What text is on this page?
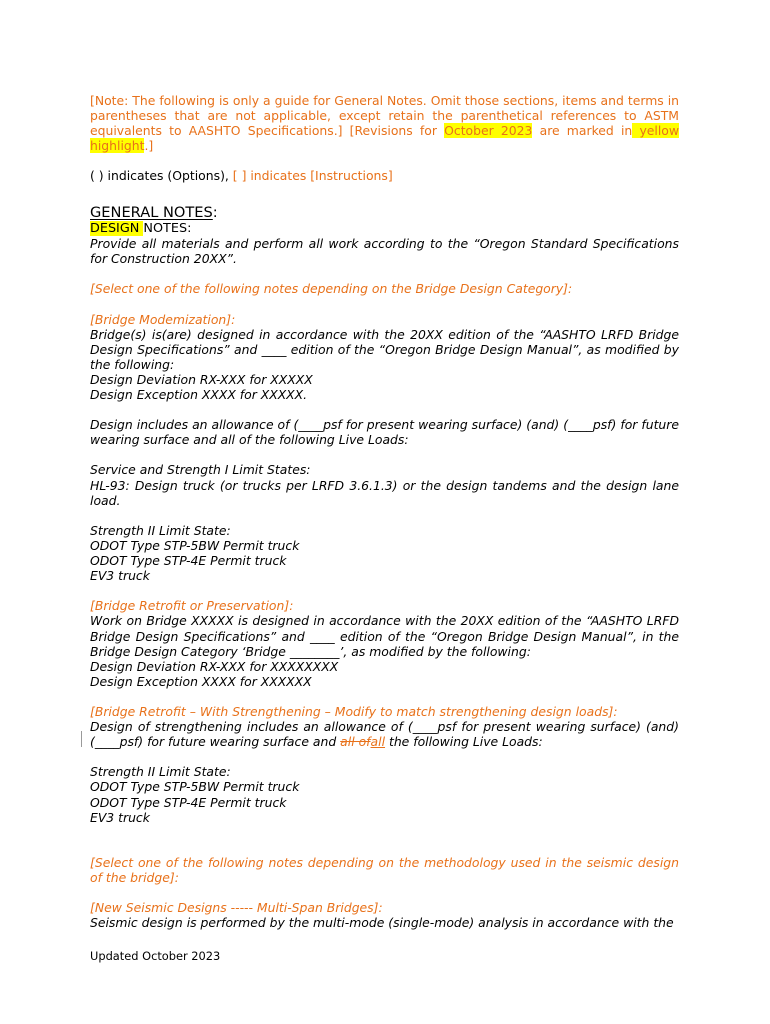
[Note: The following is only a guide for General Notes. Omit those sections, items and terms in parentheses that are not applicable, except retain the parenthetical references to ASTM equivalents to AASHTO Specifications.] [Revisions for October 2023 are marked in yellow highlight.]

( ) indicates (Options), [ ] indicates [Instructions]

GENERAL NOTES:

DESIGN NOTES:

Provide all materials and perform all work according to the “Oregon Standard Specifications for Construction 20XX”.

[Select one of the following notes depending on the Bridge Design Category]:

[Bridge Modemization]:

Bridge(s) is(are) designed in accordance with the 20XX edition of the “AASHTO LRFD Bridge Design Specifications” and ____ edition of the “Oregon Bridge Design Manual”, as modified by the following:

Design Deviation RX-XXX for XXXXX

Design Exception XXXX for XXXXX.

Design includes an allowance of (____psf for present wearing surface) (and) (____psf) for future wearing surface and all of the following Live Loads:

Service and Strength I Limit States:

HL-93: Design truck (or trucks per LRFD 3.6.1.3) or the design tandems and the design lane load.

Strength II Limit State:

ODOT Type STP-5BW Permit truck

ODOT Type STP-4E Permit truck

EV3 truck

[Bridge Retrofit or Preservation]:

Work on Bridge XXXXX is designed in accordance with the 20XX edition of the “AASHTO LRFD Bridge Design Specifications” and ____ edition of the “Oregon Bridge Design Manual”, in the Bridge Design Category ‘Bridge ________’, as modified by the following:

Design Deviation RX-XXX for XXXXXXXX

Design Exception XXXX for XXXXXX

[Bridge Retrofit – With Strengthening – Modify to match strengthening design loads]:

Design of strengthening includes an allowance of (____psf for present wearing surface) (and) (____psf) for future wearing surface and all ofall the following Live Loads:

Strength II Limit State:

ODOT Type STP-5BW Permit truck

ODOT Type STP-4E Permit truck

EV3 truck

[Select one of the following notes depending on the methodology used in the seismic design of the bridge]:

[New Seismic Designs ----- Multi-Span Bridges]:

Seismic design is performed by the multi-mode (single-mode) analysis in accordance with the

Updated October 2023
